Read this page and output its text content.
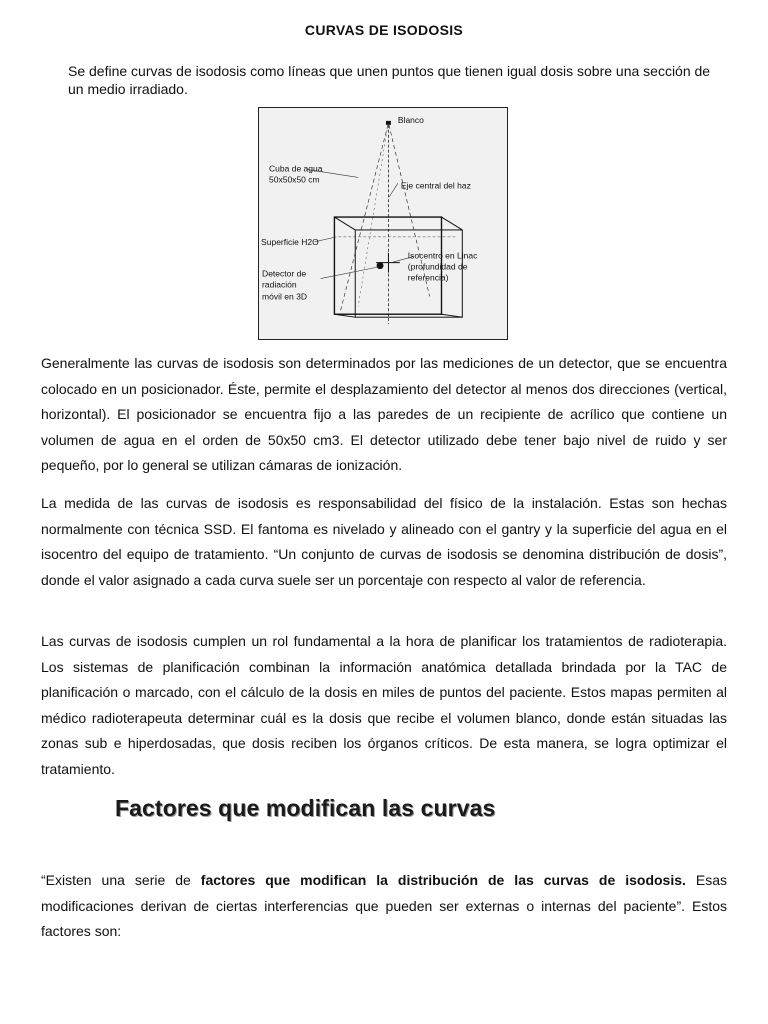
CURVAS DE ISODOSIS
Se define curvas de isodosis como líneas que unen puntos que tienen igual dosis sobre una sección de un medio irradiado.
Blanco
Cuba de agua
50x50x50 cm
Eje central del haz
Superficie H2O
Isocentro en Linac
(profundidad de
referencia)
Detector de
radiación
móvil en 3D

Generalmente las curvas de isodosis son determinados por las mediciones de un detector, que se encuentra colocado en un posicionador. Éste, permite el desplazamiento del detector al menos dos direcciones (vertical, horizontal). El posicionador se encuentra fijo a las paredes de un recipiente de acrílico que contiene un volumen de agua en el orden de 50x50 cm3. El detector utilizado debe tener bajo nivel de ruido y ser pequeño, por lo general se utilizan cámaras de ionización.

La medida de las curvas de isodosis es responsabilidad del físico de la instalación. Estas son hechas normalmente con técnica SSD. El fantoma es nivelado y alineado con el gantry y la superficie del agua en el isocentro del equipo de tratamiento. “Un conjunto de curvas de isodosis se denomina distribución de dosis”, donde el valor asignado a cada curva suele ser un porcentaje con respecto al valor de referencia.

Las curvas de isodosis cumplen un rol fundamental a la hora de planificar los tratamientos de radioterapia. Los sistemas de planificación combinan la información anatómica detallada brindada por la TAC de planificación o marcado, con el cálculo de la dosis en miles de puntos del paciente. Estos mapas permiten al médico radioterapeuta determinar cuál es la dosis que recibe el volumen blanco, donde están situadas las zonas sub e hiperdosadas, que dosis reciben los órganos críticos. De esta manera, se logra optimizar el tratamiento.

Factores que modifican las curvas

“Existen una serie de factores que modifican la distribución de las curvas de isodosis. Esas modificaciones derivan de ciertas interferencias que pueden ser externas o internas del paciente”. Estos factores son:
